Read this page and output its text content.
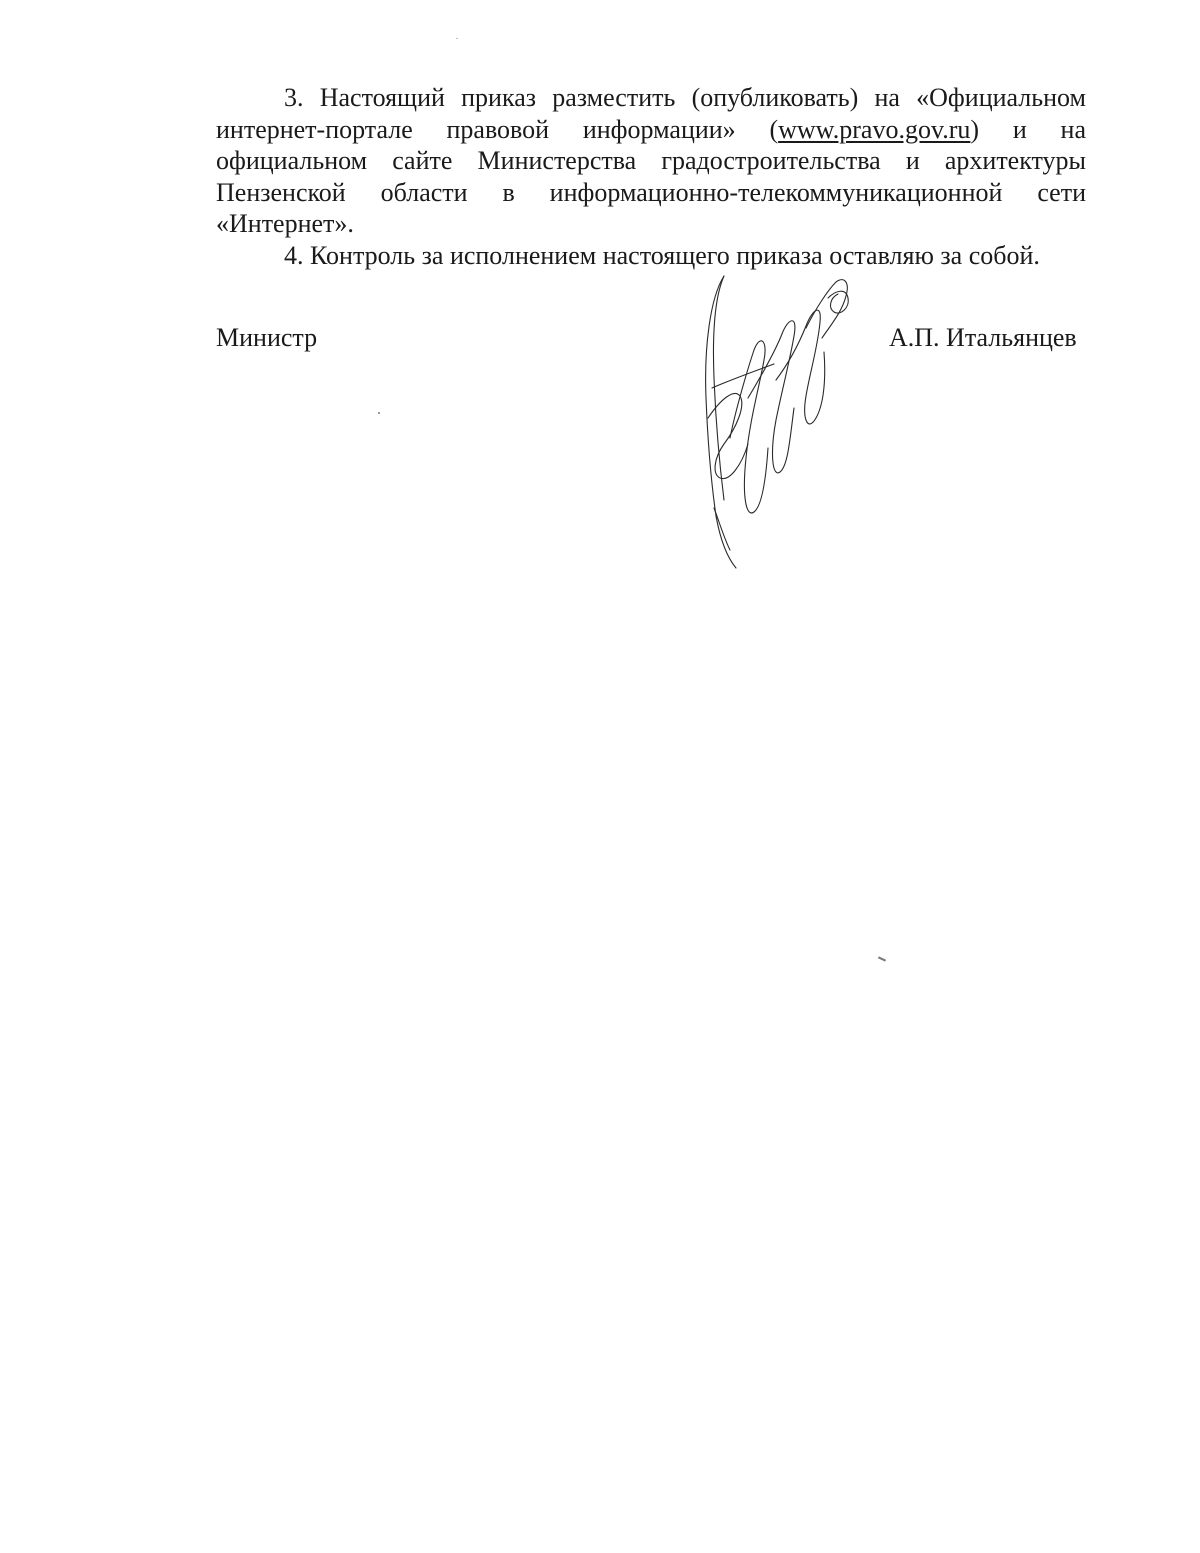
3. Настоящий приказ разместить (опубликовать) на «Официальном интернет-портале правовой информации» (www.pravo.gov.ru) и на официальном сайте Министерства градостроительства и архитектуры Пензенской области в информационно-телекоммуникационной сети «Интернет».

4. Контроль за исполнением настоящего приказа оставляю за собой.

Министр	А.П. Итальянцев
